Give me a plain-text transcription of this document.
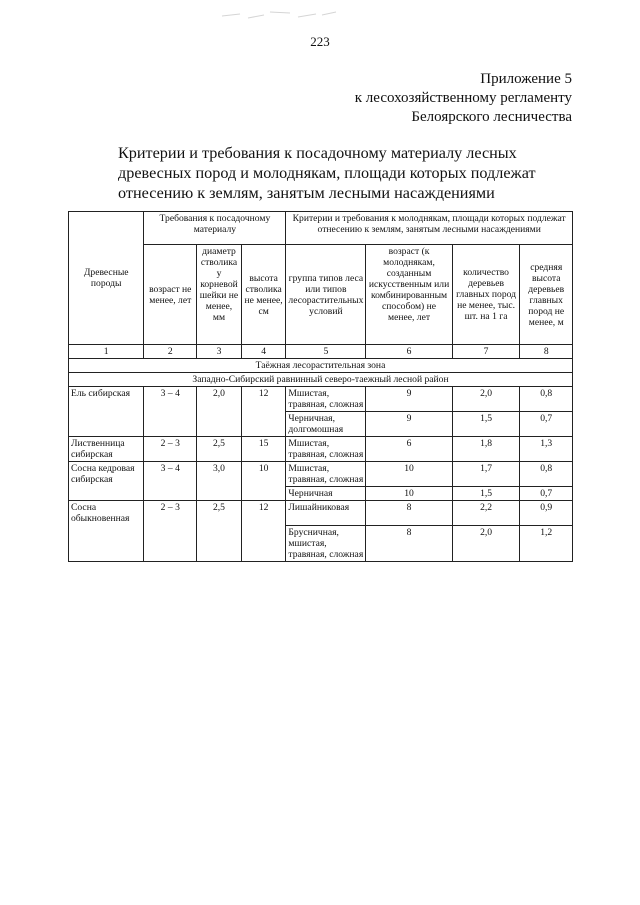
223
Приложение 5
к лесохозяйственному регламенту
Белоярского лесничества
Критерии и требования к посадочному материалу лесных древесных пород и молоднякам, площади которых подлежат отнесению к землям, занятым лесными насаждениями
Древесные породы	Требования к посадочному материалу			Критерии и требования к молоднякам, площади которых подлежат отнесению к землям, занятым лесными насаждениями			
	возраст не менее, лет	диаметр стволика у корневой шейки не менее, мм	высота стволика не менее, см	группа типов леса или типов лесорастительных условий	возраст (к молоднякам, созданным искусственным или комбинированным способом) не менее, лет	количество деревьев главных пород не менее, тыс. шт. на 1 га	средняя высота деревьев главных пород не менее, м
1	2	3	4	5	6	7	8
Таёжная лесорастительная зона							
Западно-Сибирский равнинный северо-таежный лесной район							
Ель сибирская	3 – 4	2,0	12	Мшистая, травяная, сложная	9	2,0	0,8
				Черничная, долгомошная	9	1,5	0,7
Лиственница сибирская	2 – 3	2,5	15	Мшистая, травяная, сложная	6	1,8	1,3
Сосна кедровая сибирская	3 – 4	3,0	10	Мшистая, травяная, сложная	10	1,7	0,8
				Черничная	10	1,5	0,7
Сосна обыкновенная	2 – 3	2,5	12	Лишайниковая	8	2,2	0,9
				Брусничная, мшистая, травяная, сложная	8	2,0	1,2
